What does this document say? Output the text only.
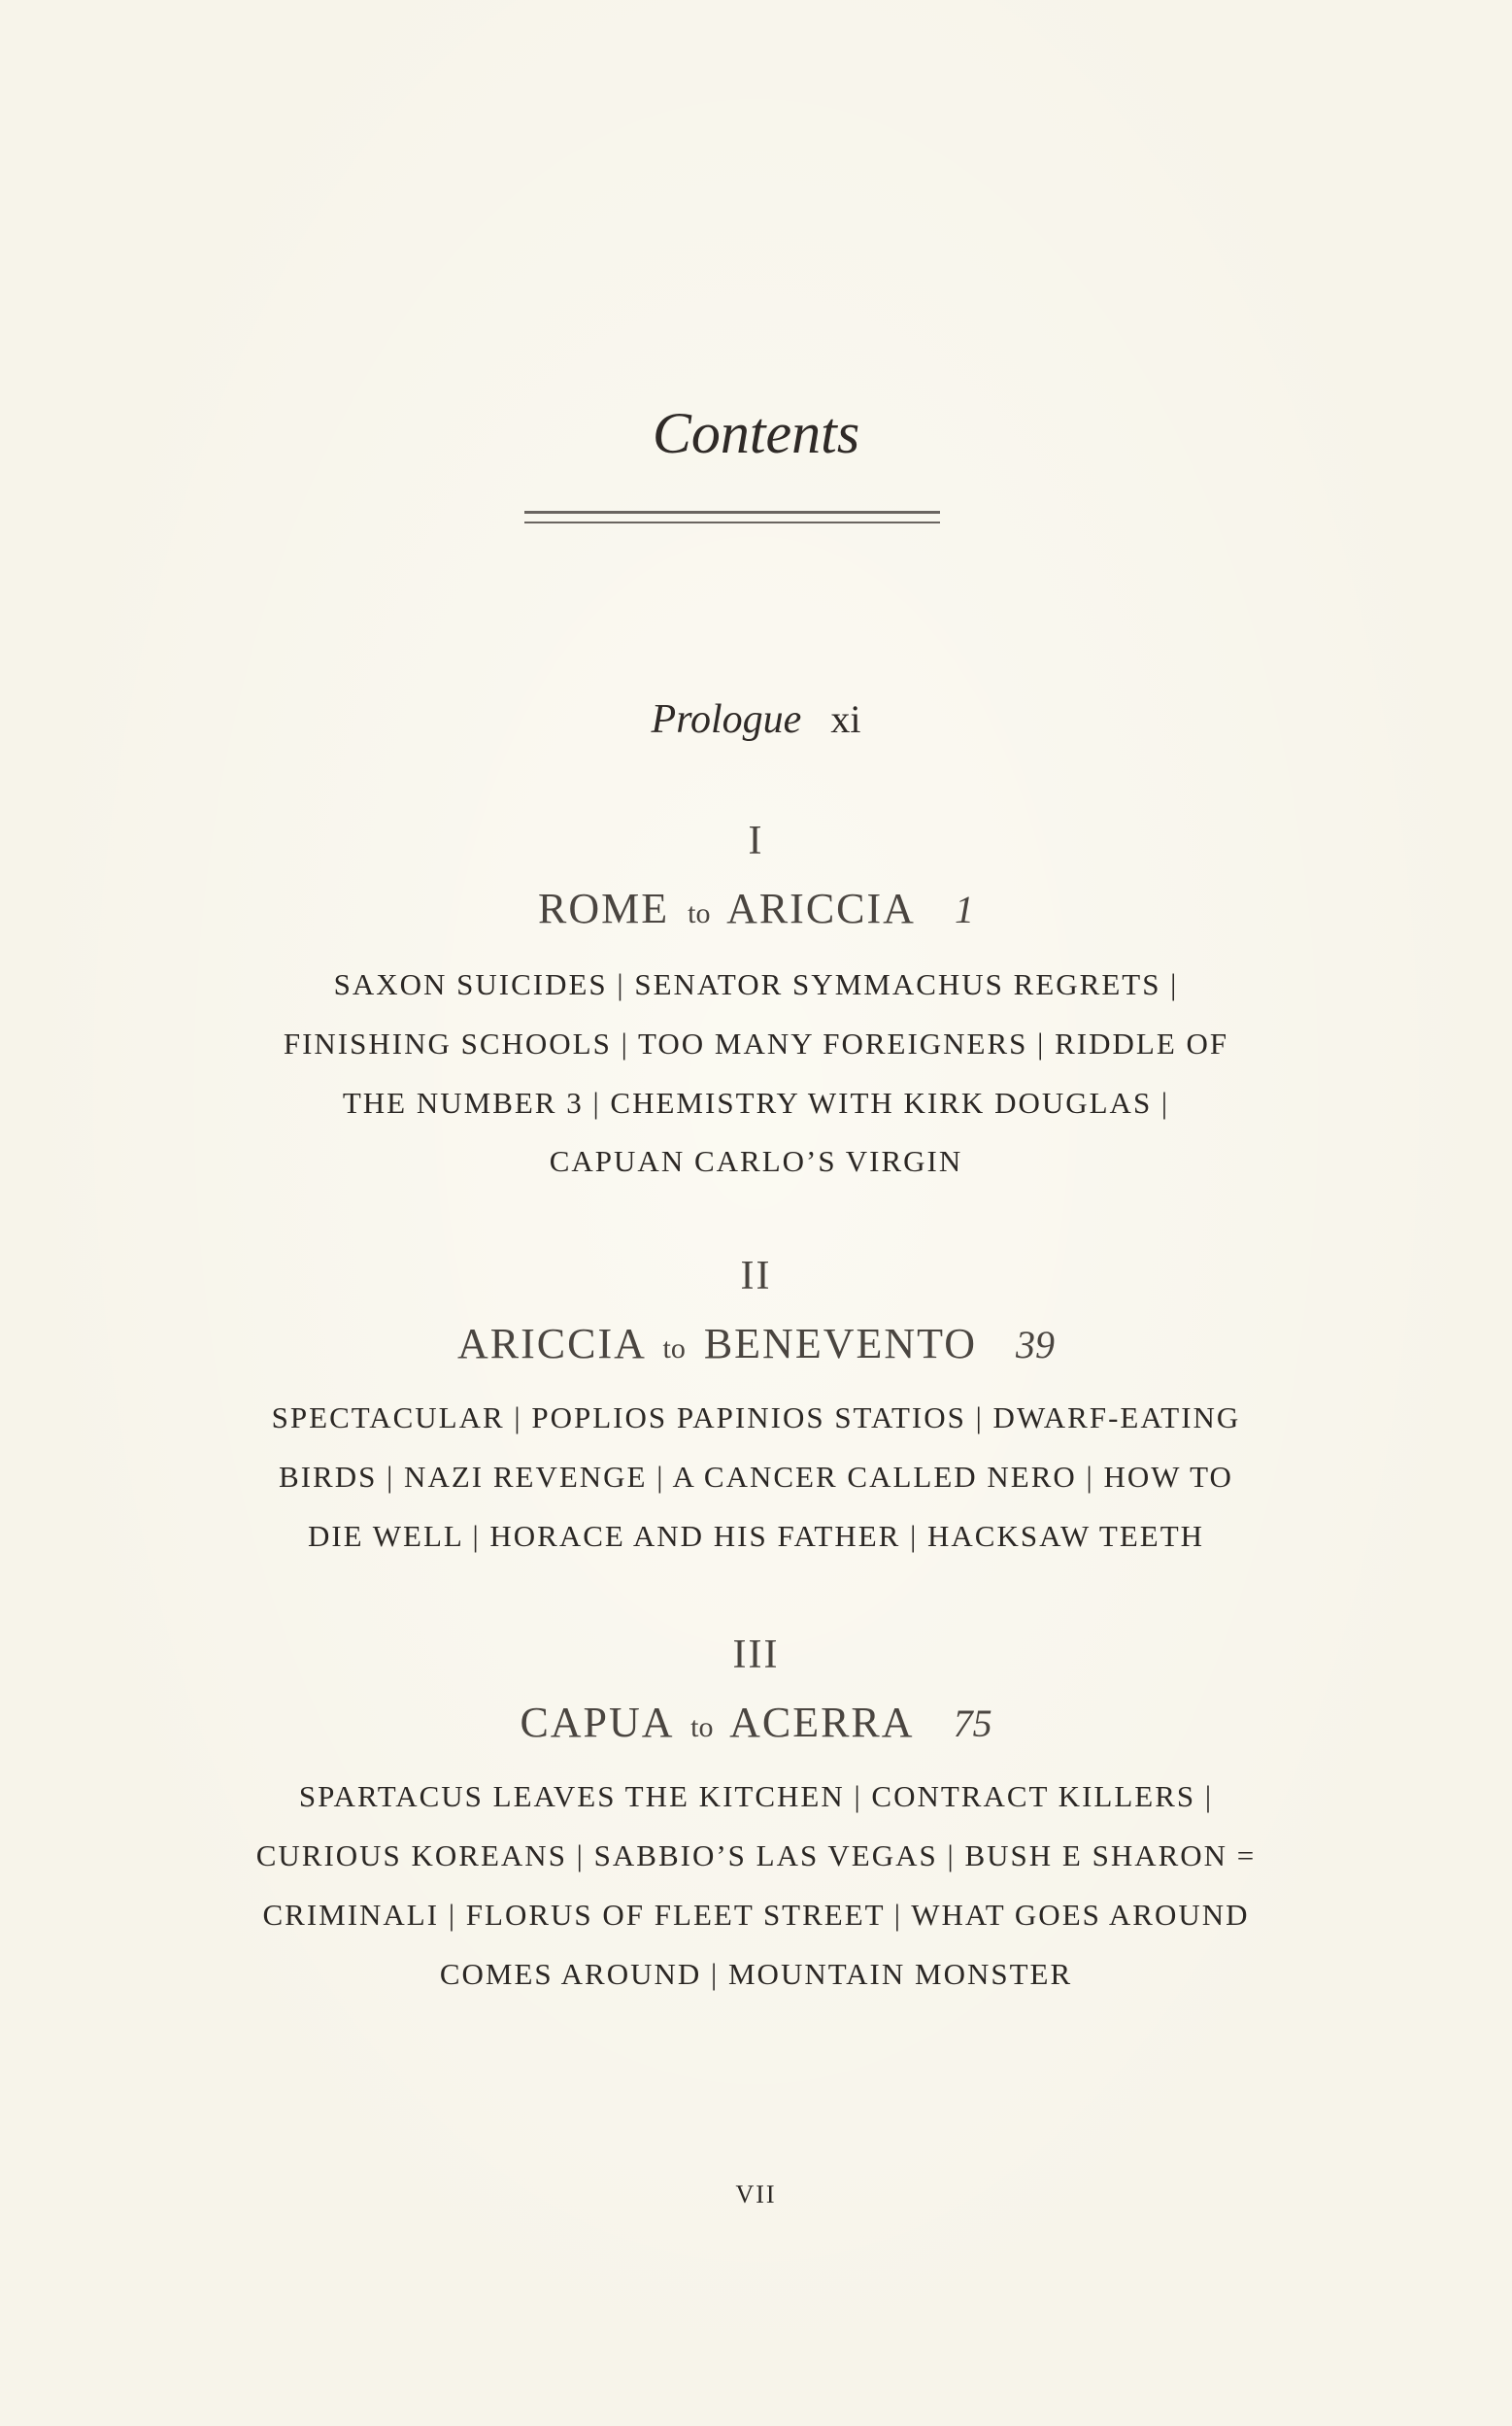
Contents
Prologue xi
I
ROME to ARICCIA 1
SAXON SUICIDES | SENATOR SYMMACHUS REGRETS |
FINISHING SCHOOLS | TOO MANY FOREIGNERS | RIDDLE OF
THE NUMBER 3 | CHEMISTRY WITH KIRK DOUGLAS |
CAPUAN CARLO’S VIRGIN
II
ARICCIA to BENEVENTO 39
SPECTACULAR | POPLIOS PAPINIOS STATIOS | DWARF-EATING
BIRDS | NAZI REVENGE | A CANCER CALLED NERO | HOW TO
DIE WELL | HORACE AND HIS FATHER | HACKSAW TEETH
III
CAPUA to ACERRA 75
SPARTACUS LEAVES THE KITCHEN | CONTRACT KILLERS |
CURIOUS KOREANS | SABBIO’S LAS VEGAS | BUSH E SHARON =
CRIMINALI | FLORUS OF FLEET STREET | WHAT GOES AROUND
COMES AROUND | MOUNTAIN MONSTER
VII
